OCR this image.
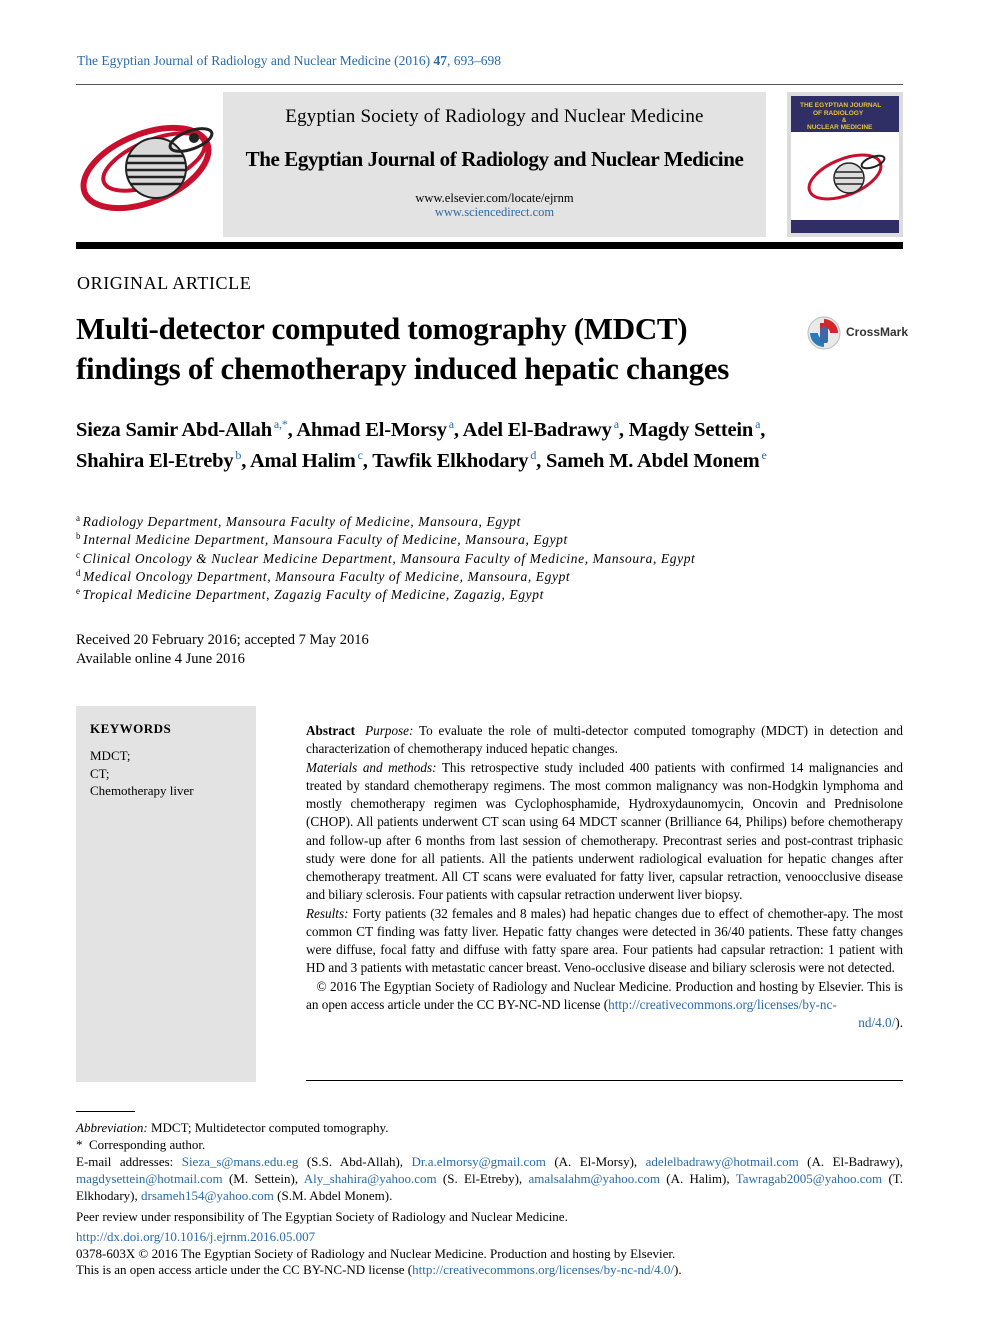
The Egyptian Journal of Radiology and Nuclear Medicine (2016) 47, 693–698
Egyptian Society of Radiology and Nuclear Medicine
The Egyptian Journal of Radiology and Nuclear Medicine
www.elsevier.com/locate/ejrnm
www.sciencedirect.com
THE EGYPTIAN JOURNAL
OF RADIOLOGY
&
NUCLEAR MEDICINE
ORIGINAL ARTICLE
Multi-detector computed tomography (MDCT) findings of chemotherapy induced hepatic changes
CrossMark
Sieza Samir Abd-Allah $^{a,*}$, Ahmad El-Morsy $^a$, Adel El-Badrawy $^a$, Magdy Settein $^a$,
Shahira El-Etreby $^b$, Amal Halim $^c$, Tawfik Elkhodary $^d$, Sameh M. Abdel Monem $^e$
$^a$ Radiology Department, Mansoura Faculty of Medicine, Mansoura, Egypt
$^b$ Internal Medicine Department, Mansoura Faculty of Medicine, Mansoura, Egypt
$^c$ Clinical Oncology & Nuclear Medicine Department, Mansoura Faculty of Medicine, Mansoura, Egypt
$^d$ Medical Oncology Department, Mansoura Faculty of Medicine, Mansoura, Egypt
$^e$ Tropical Medicine Department, Zagazig Faculty of Medicine, Zagazig, Egypt
Received 20 February 2016; accepted 7 May 2016
Available online 4 June 2016
KEYWORDS
MDCT;
CT;
Chemotherapy liver

Abstract Purpose: To evaluate the role of multi-detector computed tomography (MDCT) in detection and characterization of chemotherapy induced hepatic changes.

Materials and methods: This retrospective study included 400 patients with confirmed 14 malignancies and treated by standard chemotherapy regimens. The most common malignancy was non-Hodgkin lymphoma and mostly chemotherapy regimen was Cyclophosphamide, Hydroxydaunomycin, Oncovin and Prednisolone (CHOP). All patients underwent CT scan using 64 MDCT scanner (Brilliance 64, Philips) before chemotherapy and follow-up after 6 months from last session of chemotherapy. Precontrast series and post-contrast triphasic study were done for all patients. All the patients underwent radiological evaluation for hepatic changes after chemotherapy treatment. All CT scans were evaluated for fatty liver, capsular retraction, venoocclusive disease and biliary sclerosis. Four patients with capsular retraction underwent liver biopsy.

Results: Forty patients (32 females and 8 males) had hepatic changes due to effect of chemother-apy. The most common CT finding was fatty liver. Hepatic fatty changes were detected in 36/40 patients. These fatty changes were diffuse, focal fatty and diffuse with fatty spare area. Four patients had capsular retraction: 1 patient with HD and 3 patients with metastatic cancer breast. Veno-occlusive disease and biliary sclerosis were not detected.

© 2016 The Egyptian Society of Radiology and Nuclear Medicine. Production and hosting by Elsevier. This is an open access article under the CC BY-NC-ND license (http://creativecommons.org/licenses/by-nc-

nd/4.0/).

Abbreviation: MDCT; Multidetector computed tomography.

* Corresponding author.

E-mail addresses: Sieza_s@mans.edu.eg (S.S. Abd-Allah), Dr.a.elmorsy@gmail.com (A. El-Morsy), adelelbadrawy@hotmail.com (A. El-Badrawy), magdysettein@hotmail.com (M. Settein), Aly_shahira@yahoo.com (S. El-Etreby), amalsalahm@yahoo.com (A. Halim), Tawragab2005@yahoo.com (T. Elkhodary), drsameh154@yahoo.com (S.M. Abdel Monem).

Peer review under responsibility of The Egyptian Society of Radiology and Nuclear Medicine.

http://dx.doi.org/10.1016/j.ejrnm.2016.05.007

0378-603X © 2016 The Egyptian Society of Radiology and Nuclear Medicine. Production and hosting by Elsevier.

This is an open access article under the CC BY-NC-ND license (http://creativecommons.org/licenses/by-nc-nd/4.0/).
